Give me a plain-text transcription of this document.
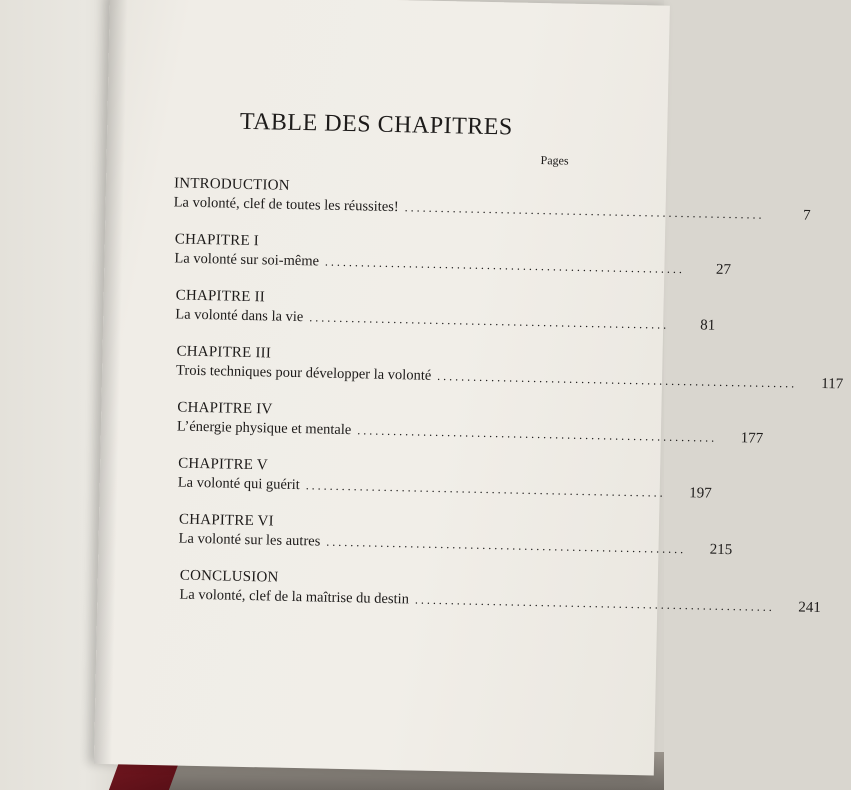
TABLE DES CHAPITRES
Pages
INTRODUCTION
La volonté, clef de toutes les réussites! ............................................................	7
CHAPITRE I
La volonté sur soi-même ............................................................	27
CHAPITRE II
La volonté dans la vie ............................................................	81
CHAPITRE III
Trois techniques pour développer la volonté ............................................................	117
CHAPITRE IV
L’énergie physique et mentale ............................................................	177
CHAPITRE V
La volonté qui guérit ............................................................	197
CHAPITRE VI
La volonté sur les autres ............................................................	215
CONCLUSION
La volonté, clef de la maîtrise du destin ............................................................	241
